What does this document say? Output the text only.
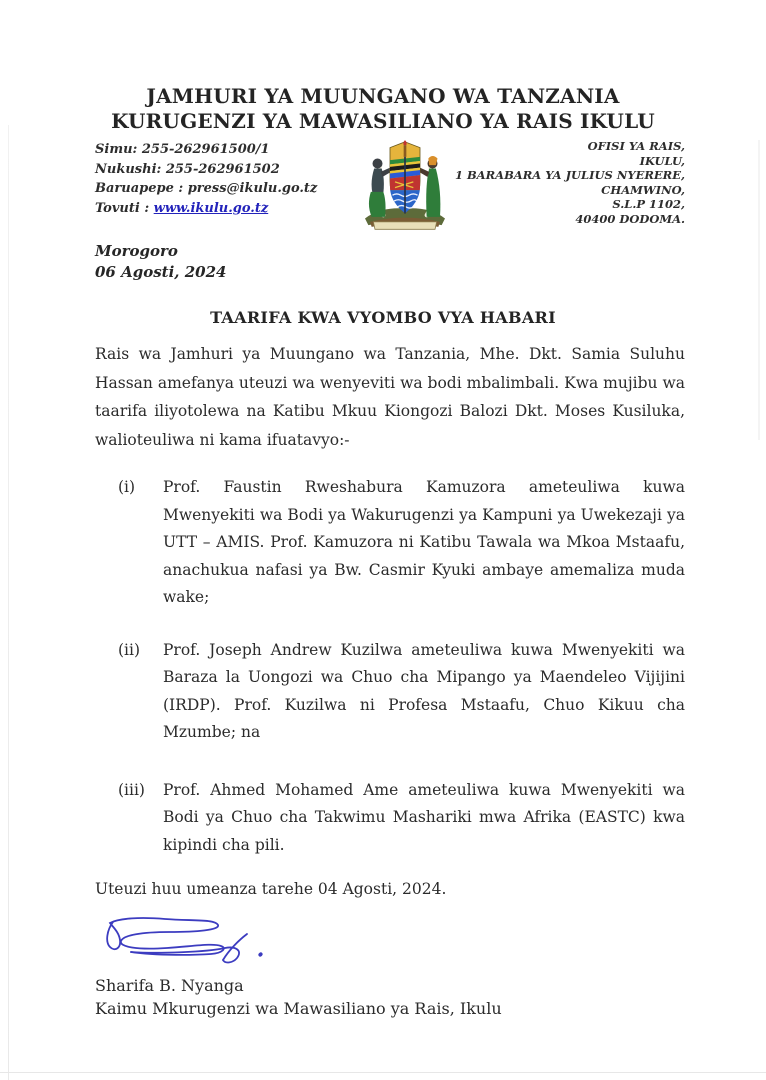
JAMHURI YA MUUNGANO WA TANZANIA
KURUGENZI YA MAWASILIANO YA RAIS IKULU
Simu: 255-262961500/1
Nukushi: 255-262961502
Baruapepe : press@ikulu.go.tz
Tovuti : www.ikulu.go.tz
OFISI YA RAIS,
IKULU,
1 BARABARA YA JULIUS NYERERE,
CHAMWINO,
S.L.P 1102,
40400 DODOMA.
Morogoro
06 Agosti, 2024
TAARIFA KWA VYOMBO VYA HABARI

Rais wa Jamhuri ya Muungano wa Tanzania, Mhe. Dkt. Samia Suluhu Hassan amefanya uteuzi wa wenyeviti wa bodi mbalimbali. Kwa mujibu wa taarifa iliyotolewa na Katibu Mkuu Kiongozi Balozi Dkt. Moses Kusiluka, walioteuliwa ni kama ifuatavyo:-

(i)	Prof. Faustin Rweshabura Kamuzora ameteuliwa kuwa Mwenyekiti wa Bodi ya Wakurugenzi ya Kampuni ya Uwekezaji ya UTT – AMIS. Prof. Kamuzora ni Katibu Tawala wa Mkoa Mstaafu, anachukua nafasi ya Bw. Casmir Kyuki ambaye amemaliza muda wake;
(ii)	Prof. Joseph Andrew Kuzilwa ameteuliwa kuwa Mwenyekiti wa Baraza la Uongozi wa Chuo cha Mipango ya Maendeleo Vijijini (IRDP). Prof. Kuzilwa ni Profesa Mstaafu, Chuo Kikuu cha Mzumbe; na
(iii)	Prof. Ahmed Mohamed Ame ameteuliwa kuwa Mwenyekiti wa Bodi ya Chuo cha Takwimu Mashariki mwa Afrika (EASTC) kwa kipindi cha pili.

Uteuzi huu umeanza tarehe 04 Agosti, 2024.

Sharifa B. Nyanga
Kaimu Mkurugenzi wa Mawasiliano ya Rais, Ikulu
